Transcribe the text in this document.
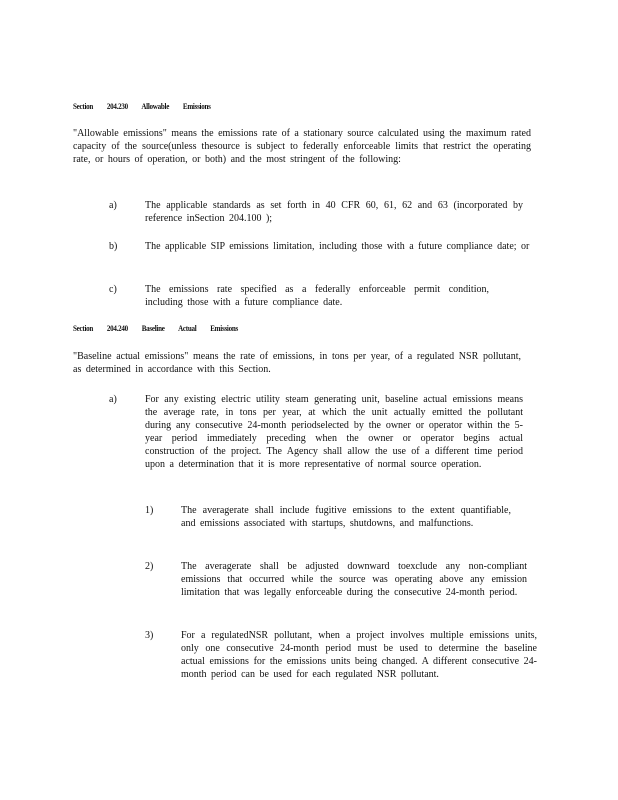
Section 204.230 Allowable Emissions

"Allowable emissions" means the emissions rate of a stationary source calculated using the maximum rated capacity of the source(unless thesource is subject to federally enforceable limits that restrict the operating rate, or hours of operation, or both) and the most stringent of the following:

a)	The applicable standards as set forth in 40 CFR 60, 61, 62 and 63 (incorporated by reference inSection 204.100 );

b)	The applicable SIP emissions limitation, including those with a future compliance date; or

c)	The emissions rate specified as a federally enforceable permit condition, including those with a future compliance date.

Section 204.240 Baseline Actual Emissions

"Baseline actual emissions" means the rate of emissions, in tons per year, of a regulated NSR pollutant, as determined in accordance with this Section.

a)	For any existing electric utility steam generating unit, baseline actual emissions means the average rate, in tons per year, at which the unit actually emitted the pollutant during any consecutive 24-month periodselected by the owner or operator within the 5-year period immediately preceding when the owner or operator begins actual construction of the project. The Agency shall allow the use of a different time period upon a determination that it is more representative of normal source operation.

1)	The averagerate shall include fugitive emissions to the extent quantifiable, and emissions associated with startups, shutdowns, and malfunctions.

2)	The averagerate shall be adjusted downward toexclude any non-compliant emissions that occurred while the source was operating above any emission limitation that was legally enforceable during the consecutive 24-month period.

3)	For a regulatedNSR pollutant, when a project involves multiple emissions units, only one consecutive 24-month period must be used to determine the baseline actual emissions for the emissions units being changed. A different consecutive 24-month period can be used for each regulated NSR pollutant.
